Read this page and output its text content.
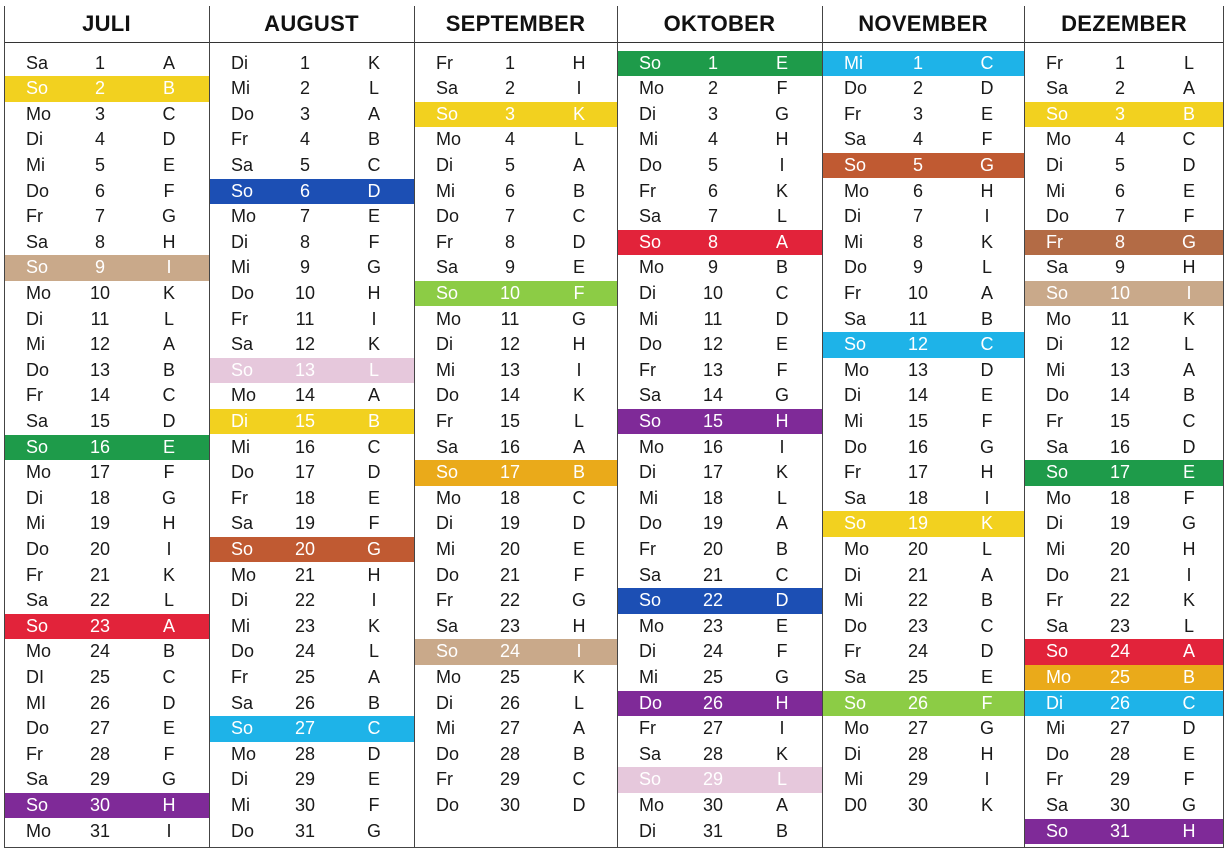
JULI
Sa	1	A
So	2	B
Mo	3	C
Di	4	D
Mi	5	E
Do	6	F
Fr	7	G
Sa	8	H
So	9	I
Mo	10	K
Di	11	L
Mi	12	A
Do	13	B
Fr	14	C
Sa	15	D
So	16	E
Mo	17	F
Di	18	G
Mi	19	H
Do	20	I
Fr	21	K
Sa	22	L
So	23	A
Mo	24	B
DI	25	C
MI	26	D
Do	27	E
Fr	28	F
Sa	29	G
So	30	H
Mo	31	I
AUGUST
Di	1	K
Mi	2	L
Do	3	A
Fr	4	B
Sa	5	C
So	6	D
Mo	7	E
Di	8	F
Mi	9	G
Do	10	H
Fr	11	I
Sa	12	K
So	13	L
Mo	14	A
Di	15	B
Mi	16	C
Do	17	D
Fr	18	E
Sa	19	F
So	20	G
Mo	21	H
Di	22	I
Mi	23	K
Do	24	L
Fr	25	A
Sa	26	B
So	27	C
Mo	28	D
Di	29	E
Mi	30	F
Do	31	G
SEPTEMBER
Fr	1	H
Sa	2	I
So	3	K
Mo	4	L
Di	5	A
Mi	6	B
Do	7	C
Fr	8	D
Sa	9	E
So	10	F
Mo	11	G
Di	12	H
Mi	13	I
Do	14	K
Fr	15	L
Sa	16	A
So	17	B
Mo	18	C
Di	19	D
Mi	20	E
Do	21	F
Fr	22	G
Sa	23	H
So	24	I
Mo	25	K
Di	26	L
Mi	27	A
Do	28	B
Fr	29	C
Do	30	D
OKTOBER
So	1	E
Mo	2	F
Di	3	G
Mi	4	H
Do	5	I
Fr	6	K
Sa	7	L
So	8	A
Mo	9	B
Di	10	C
Mi	11	D
Do	12	E
Fr	13	F
Sa	14	G
So	15	H
Mo	16	I
Di	17	K
Mi	18	L
Do	19	A
Fr	20	B
Sa	21	C
So	22	D
Mo	23	E
Di	24	F
Mi	25	G
Do	26	H
Fr	27	I
Sa	28	K
So	29	L
Mo	30	A
Di	31	B
NOVEMBER
Mi	1	C
Do	2	D
Fr	3	E
Sa	4	F
So	5	G
Mo	6	H
Di	7	I
Mi	8	K
Do	9	L
Fr	10	A
Sa	11	B
So	12	C
Mo	13	D
Di	14	E
Mi	15	F
Do	16	G
Fr	17	H
Sa	18	I
So	19	K
Mo	20	L
Di	21	A
Mi	22	B
Do	23	C
Fr	24	D
Sa	25	E
So	26	F
Mo	27	G
Di	28	H
Mi	29	I
D0	30	K
DEZEMBER
Fr	1	L
Sa	2	A
So	3	B
Mo	4	C
Di	5	D
Mi	6	E
Do	7	F
Fr	8	G
Sa	9	H
So	10	I
Mo	11	K
Di	12	L
Mi	13	A
Do	14	B
Fr	15	C
Sa	16	D
So	17	E
Mo	18	F
Di	19	G
Mi	20	H
Do	21	I
Fr	22	K
Sa	23	L
So	24	A
Mo	25	B
Di	26	C
Mi	27	D
Do	28	E
Fr	29	F
Sa	30	G
So	31	H
